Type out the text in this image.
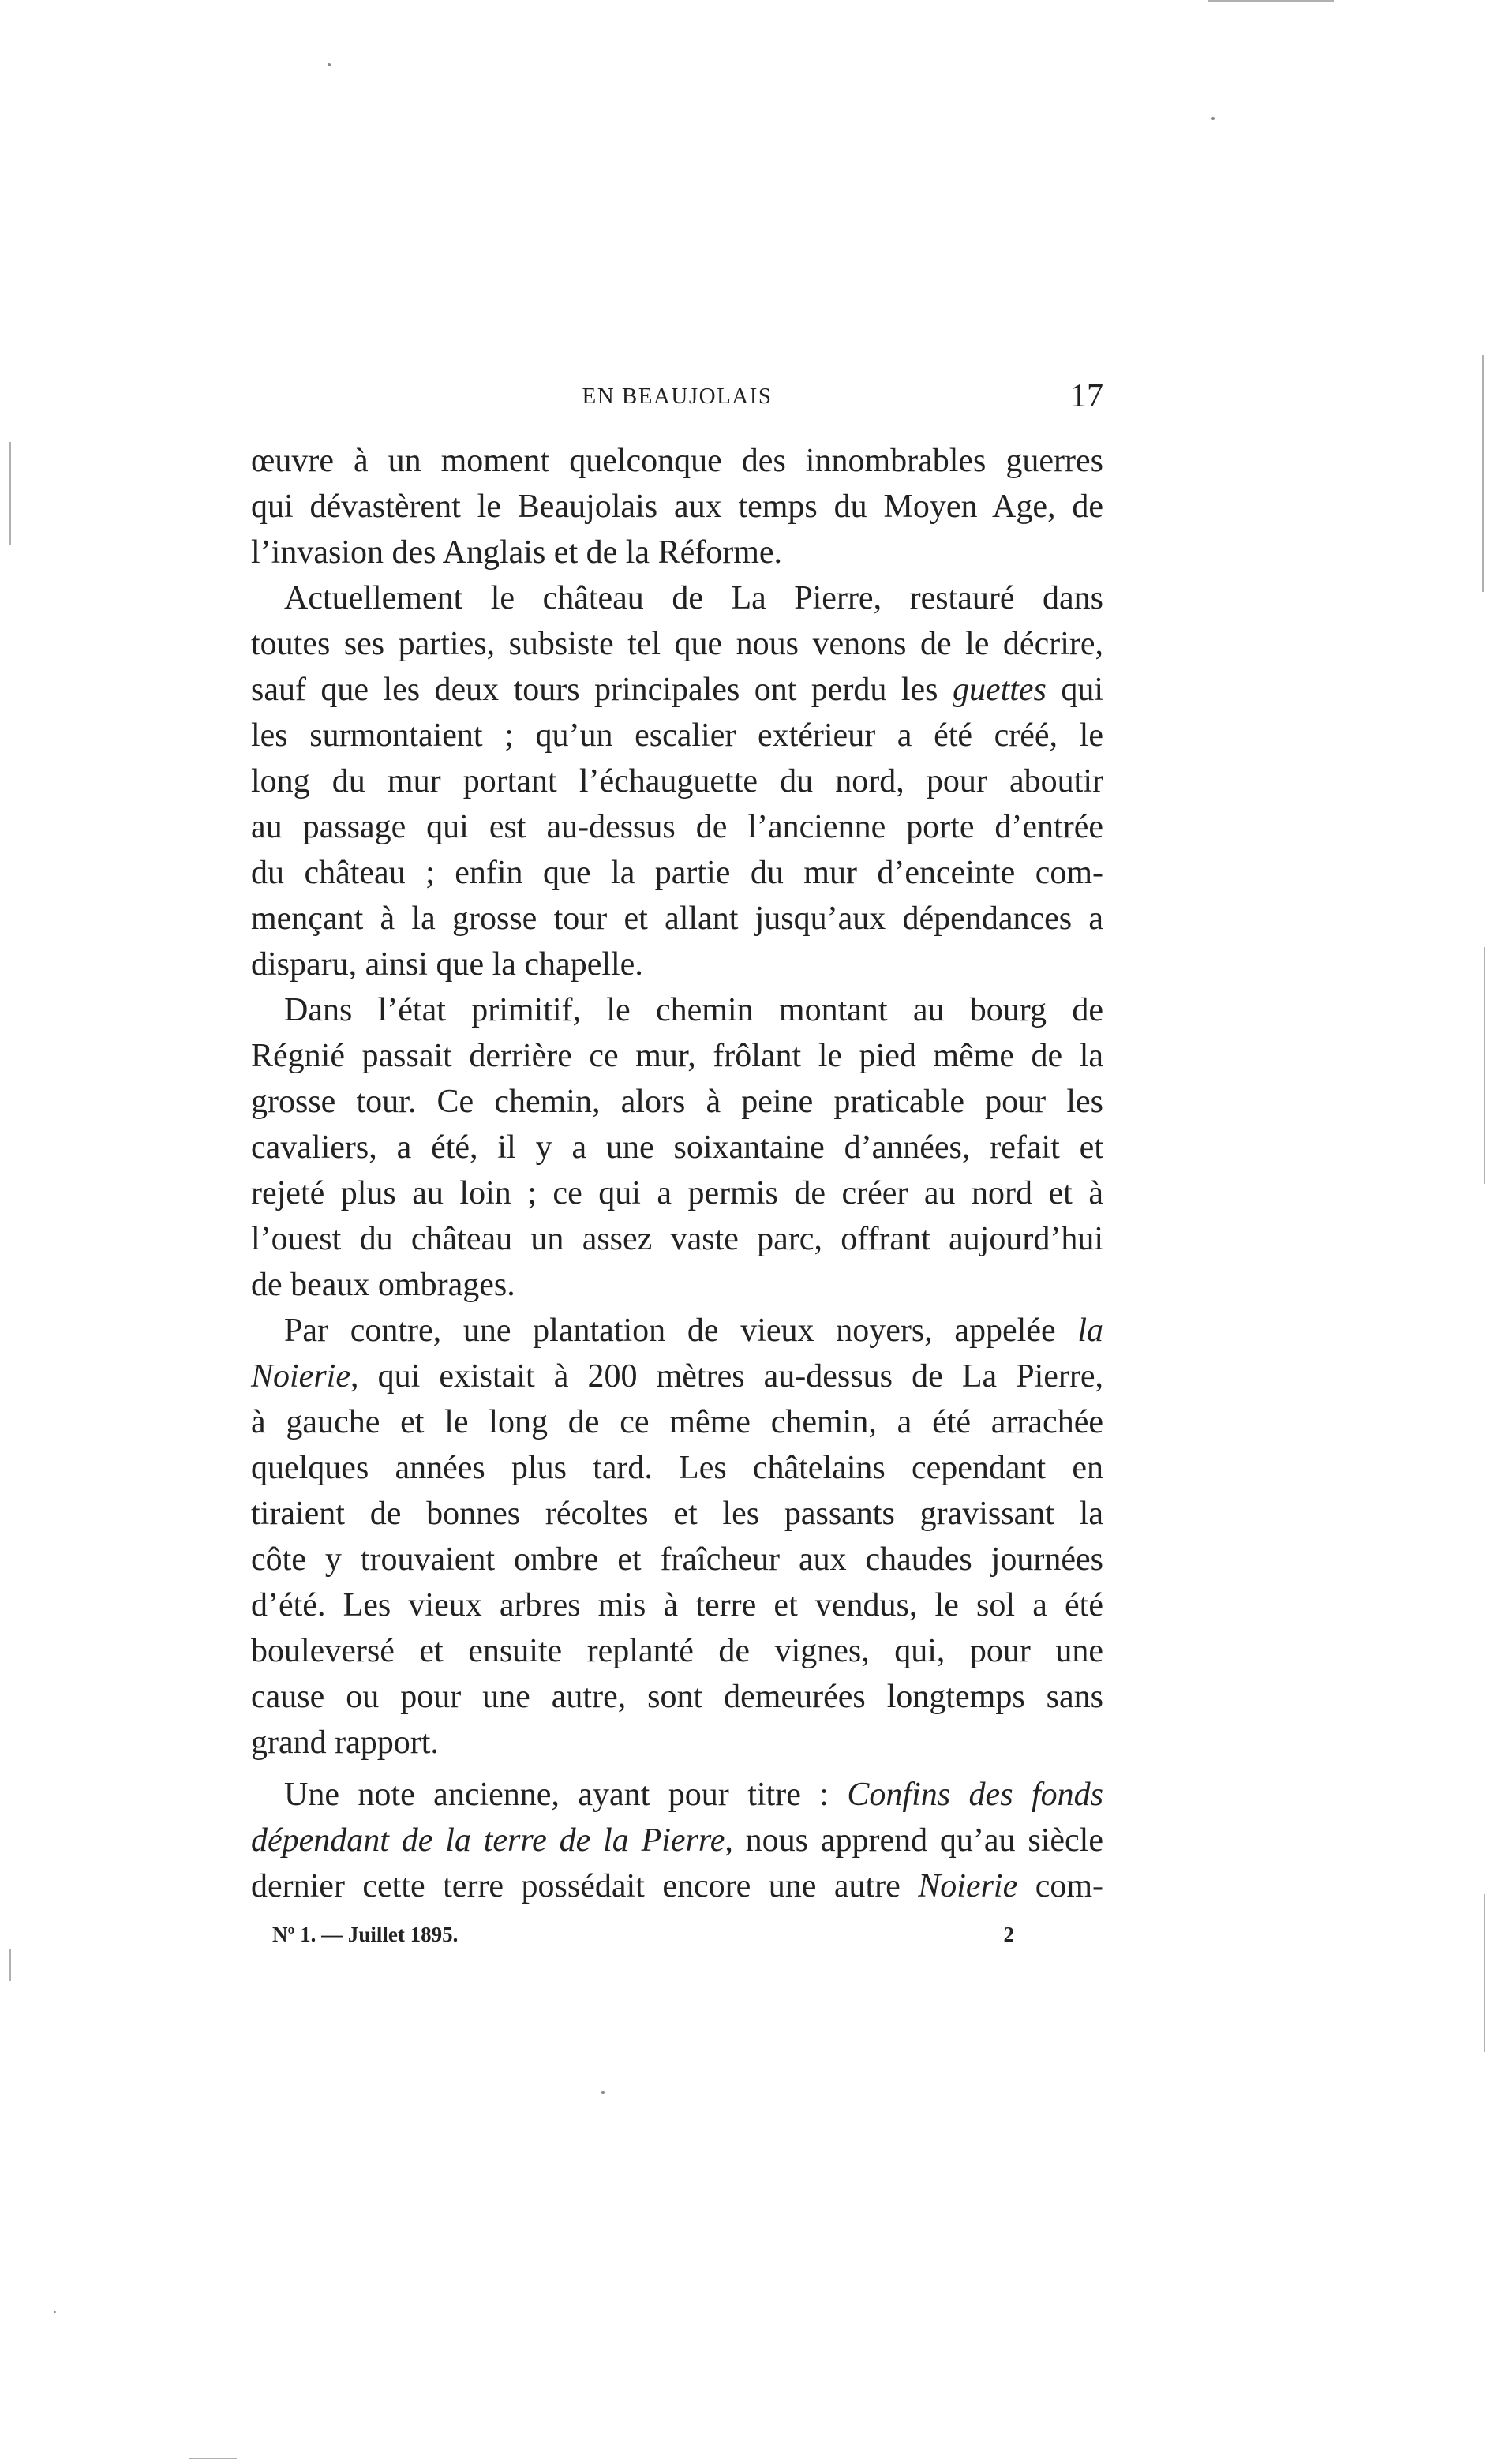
EN BEAUJOLAIS	17
œuvre à un moment quelconque des innombrables guerres
qui dévastèrent le Beaujolais aux temps du Moyen Age, de
l’invasion des Anglais et de la Réforme.
Actuellement le château de La Pierre, restauré dans
toutes ses parties, subsiste tel que nous venons de le décrire,
sauf que les deux tours principales ont perdu les guettes qui
les surmontaient ; qu’un escalier extérieur a été créé, le
long du mur portant l’échauguette du nord, pour aboutir
au passage qui est au-dessus de l’ancienne porte d’entrée
du château ; enfin que la partie du mur d’enceinte com-
mençant à la grosse tour et allant jusqu’aux dépendances a
disparu, ainsi que la chapelle.
Dans l’état primitif, le chemin montant au bourg de
Régnié passait derrière ce mur, frôlant le pied même de la
grosse tour. Ce chemin, alors à peine praticable pour les
cavaliers, a été, il y a une soixantaine d’années, refait et
rejeté plus au loin ; ce qui a permis de créer au nord et à
l’ouest du château un assez vaste parc, offrant aujourd’hui
de beaux ombrages.
Par contre, une plantation de vieux noyers, appelée la
Noierie, qui existait à 200 mètres au-dessus de La Pierre,
à gauche et le long de ce même chemin, a été arrachée
quelques années plus tard. Les châtelains cependant en
tiraient de bonnes récoltes et les passants gravissant la
côte y trouvaient ombre et fraîcheur aux chaudes journées
d’été. Les vieux arbres mis à terre et vendus, le sol a été
bouleversé et ensuite replanté de vignes, qui, pour une
cause ou pour une autre, sont demeurées longtemps sans
grand rapport.
Une note ancienne, ayant pour titre : Confins des fonds
dépendant de la terre de la Pierre, nous apprend qu’au siècle
dernier cette terre possédait encore une autre Noierie com-
Nº 1. — Juillet 1895.	2
